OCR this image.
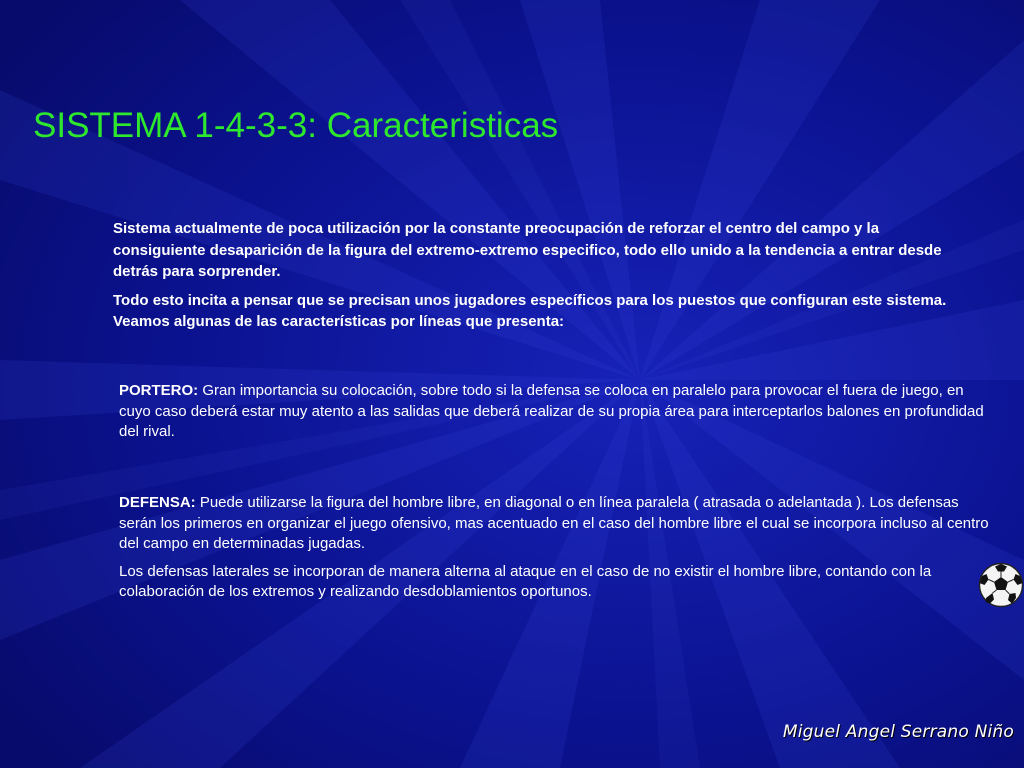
SISTEMA 1-4-3-3: Caracteristicas

Sistema actualmente de poca utilización por la constante preocupación de reforzar el centro del campo y la consiguiente desaparición de la figura del extremo-extremo especifico, todo ello unido a la tendencia a entrar desde detrás para sorprender.

Todo esto incita a pensar que se precisan unos jugadores específicos para los puestos que configuran este sistema. Veamos algunas de las características por líneas que presenta:

PORTERO: Gran importancia su colocación, sobre todo si la defensa se coloca en paralelo para provocar el fuera de juego, en cuyo caso deberá estar muy atento a las salidas que deberá realizar de su propia área para interceptarlos balones en profundidad del rival.

DEFENSA: Puede utilizarse la figura del hombre libre, en diagonal o en línea paralela ( atrasada o adelantada ). Los defensas serán los primeros en organizar el juego ofensivo, mas acentuado en el caso del hombre libre el cual se incorpora incluso al centro del campo en determinadas jugadas.

Los defensas laterales se incorporan de manera alterna al ataque en el caso de no existir el hombre libre, contando con la colaboración de los extremos y realizando desdoblamientos oportunos.

Miguel Angel Serrano Niño
